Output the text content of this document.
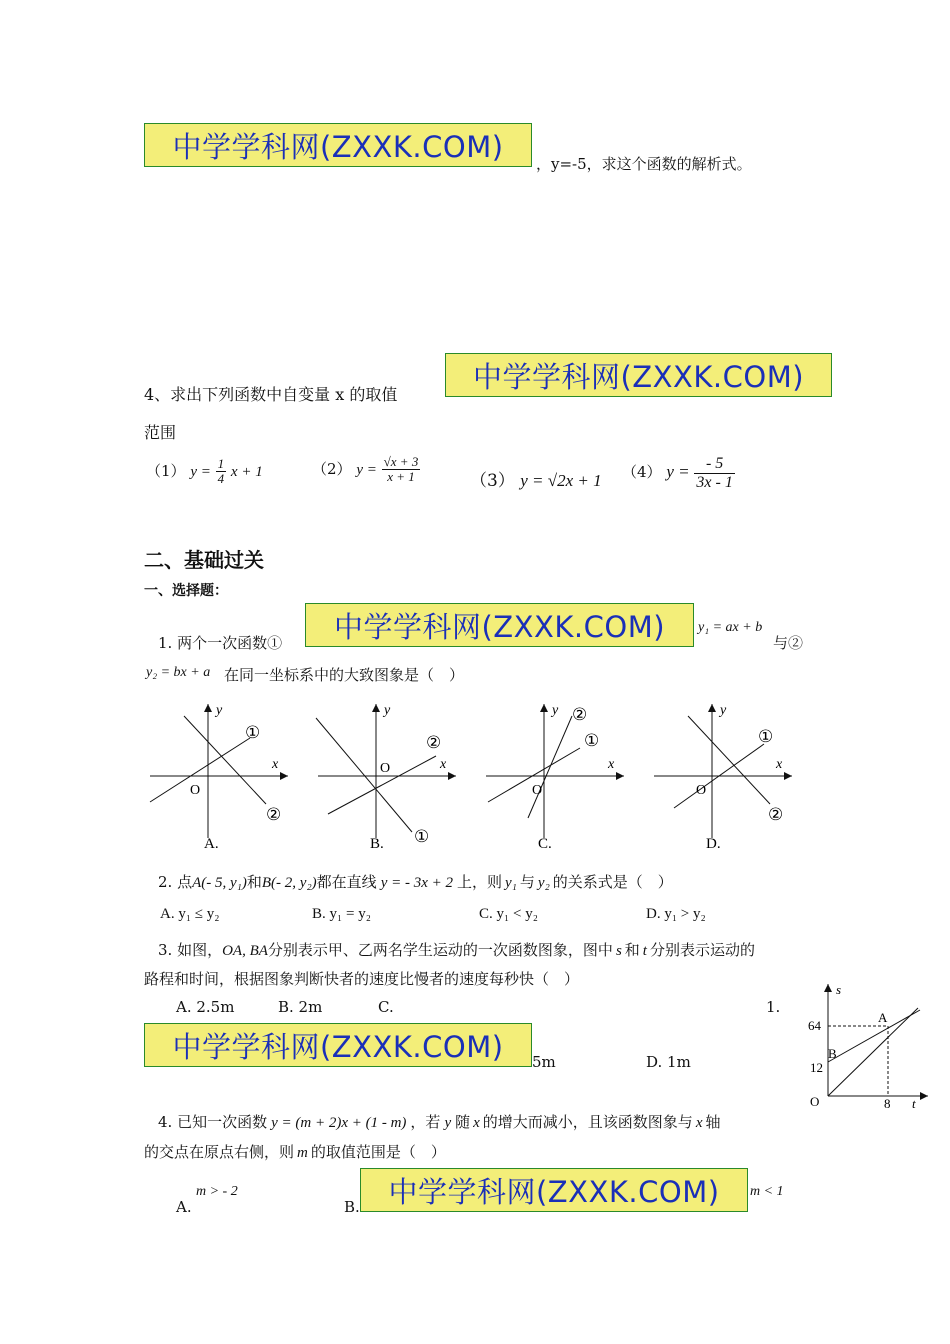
中学学科网(ZXXK.COM)
，y=-5，求这个函数的解析式。
4、求出下列函数中自变量 x 的取值
中学学科网(ZXXK.COM)
范围
（1） $y = \frac{1}{4}$ x + 1	（2） $y = \frac{√x + 3}{x + 1}$	（3） y = √2x + 1 （4） $y = \frac{- 5}{3x - 1}$
二、基础过关
一、选择题：
1. 两个一次函数①	中学学科网(ZXXK.COM)	y₁ = ax + b
与②
y₂ = bx + a 在同一坐标系中的大致图象是（　）
y
x
O
①
②
A.
y
x
O
②
①
B.
y
x
O
②
①
C.
y
x
O
①
②
D.
2. 点A(- 5, y₁)和B(- 2, y₂)都在直线 y = - 3x + 2 上，则 y₁ 与 y₂ 的关系式是（　）
A. y₁ ≤ y₂	B. y₁ = y₂	C. y₁ < y₂	D. y₁ > y₂
3. 如图，OA, BA分别表示甲、乙两名学生运动的一次函数图象，图中 s 和 t 分别表示运动的
路程和时间，根据图象判断快者的速度比慢者的速度每秒快（　）
A. 2.5m	B. 2m	C.	1.
中学学科网(ZXXK.COM)	5m	D. 1m
s
t
O
64
12
8
A
B
4. 已知一次函数 y = (m + 2)x + (1 - m) ，若 y 随 x 的增大而减小，且该函数图象与 x 轴
的交点在原点右侧，则 m 的取值范围是（　）
m > - 2
A.	B. 中学学科网(ZXXK.COM)	m < 1
